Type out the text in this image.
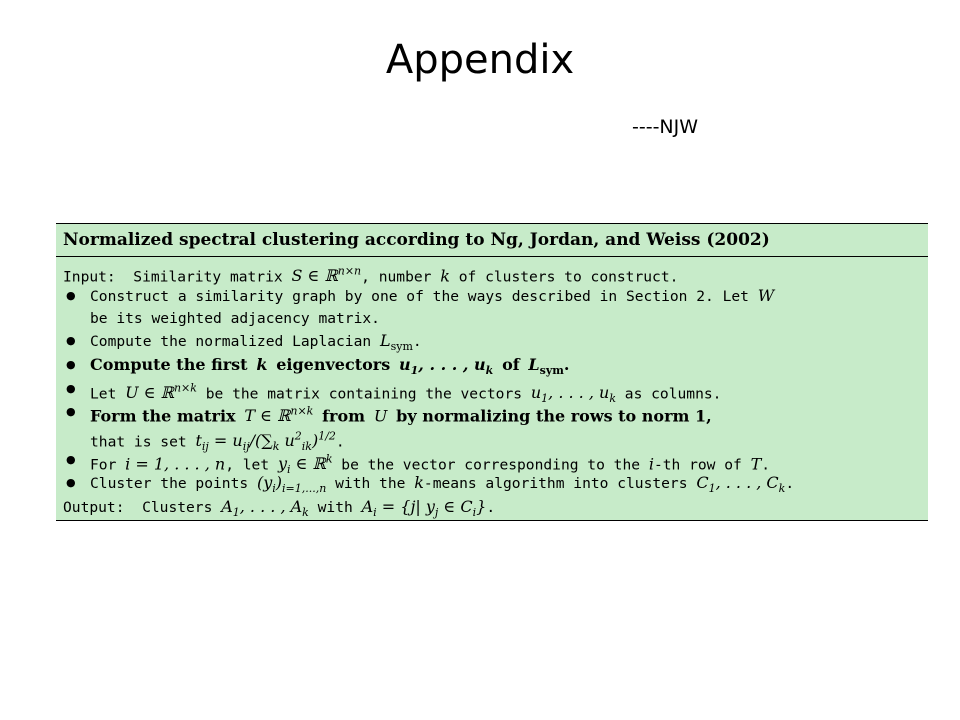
Appendix
----NJW
Normalized spectral clustering according to Ng, Jordan, and Weiss (2002)
Input: Similarity matrix S ∈ ℝ$^{n\times n}$, number k of clusters to construct.
● Construct a similarity graph by one of the ways described in Section 2. Let W
be its weighted adjacency matrix.
● Compute the normalized Laplacian $L_{sym}$.
● Compute the first k eigenvectors $u_1$, . . . , $u_k$ of $L_{sym}$.
● Let U ∈ ℝ$^{n\times k}$ be the matrix containing the vectors $u_1$, . . . , $u_k$ as columns.
● Form the matrix T ∈ ℝ$^{n\times k}$ from U by normalizing the rows to norm 1,
that is set $t_{ij} = u_{ij}/(\sum_k$ $u^2_{ik})^{1/2}$.
● For i = 1, . . . , n, let $y_i$ ∈ ℝ$^k$ be the vector corresponding to the i-th row of T.
● Cluster the points $(y_i)_{i=1,...,n}$ with the k-means algorithm into clusters $C_1$, . . . , $C_k$.
Output: Clusters $A_1$, . . . , $A_k$ with $A_i = \{j|$ $y_j$ ∈ $C_i$}.
